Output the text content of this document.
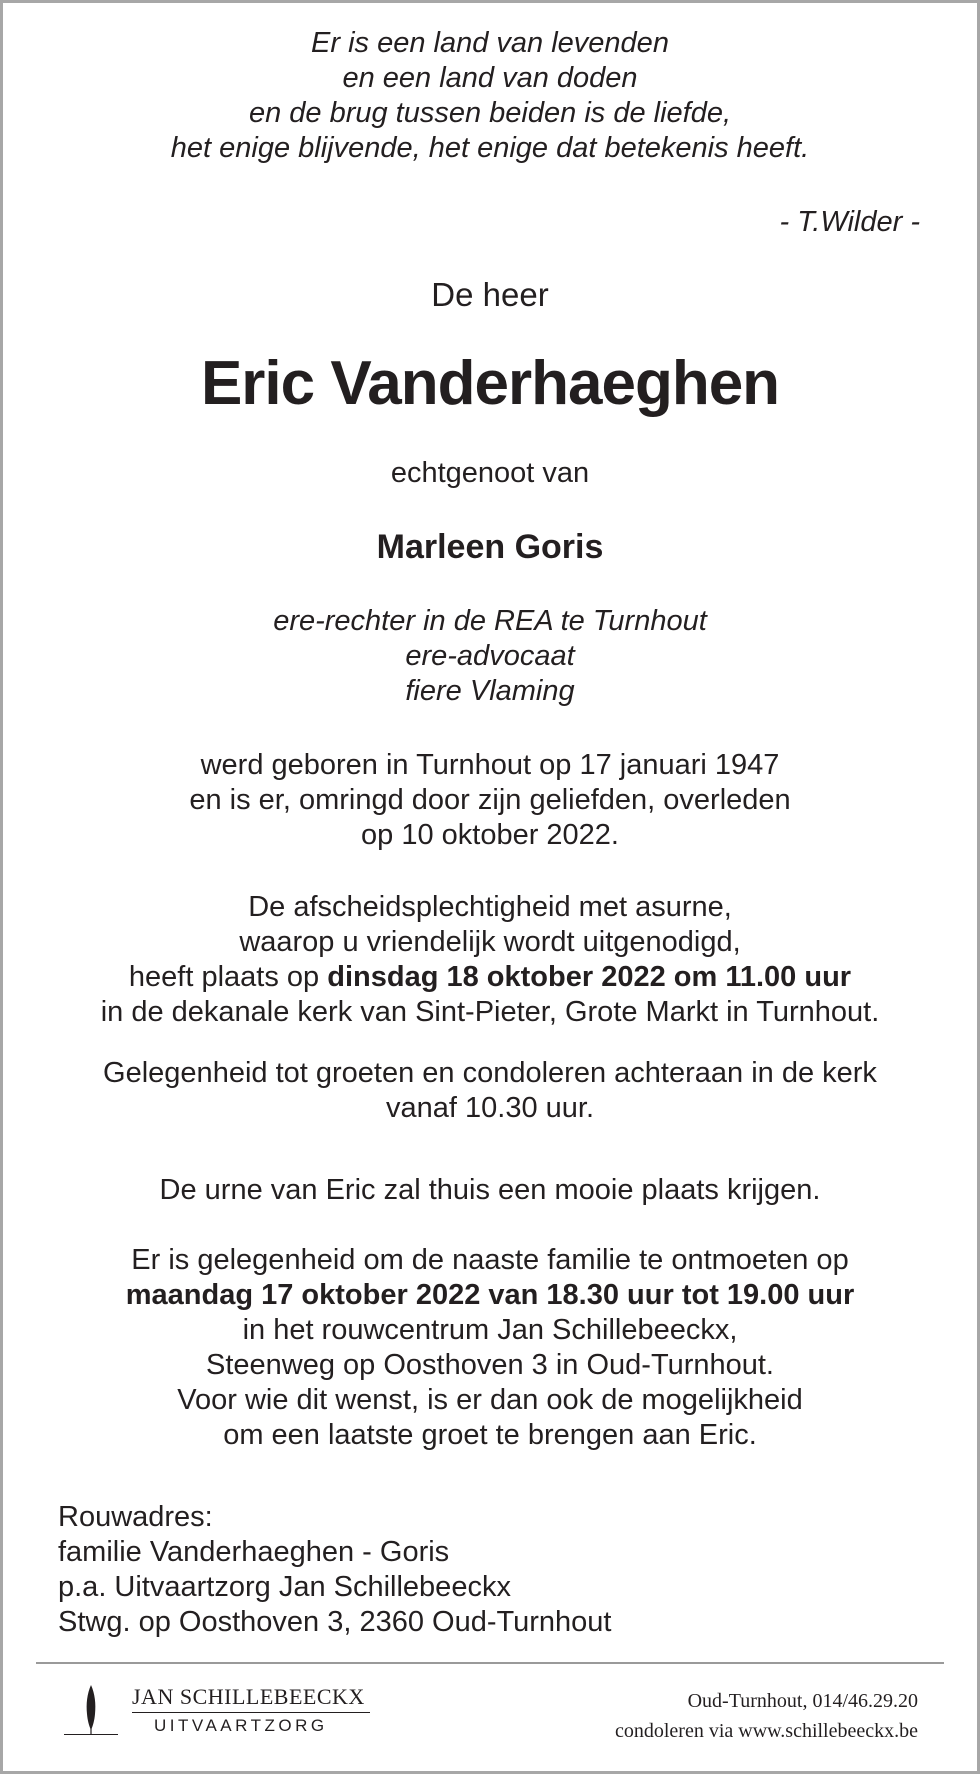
Er is een land van levenden
en een land van doden
en de brug tussen beiden is de liefde,
het enige blijvende, het enige dat betekenis heeft.
- T.Wilder -
De heer
Eric Vanderhaeghen
echtgenoot van
Marleen Goris
ere-rechter in de REA te Turnhout
ere-advocaat
fiere Vlaming
werd geboren in Turnhout op 17 januari 1947
en is er, omringd door zijn geliefden, overleden
op 10 oktober 2022.
De afscheidsplechtigheid met asurne,
waarop u vriendelijk wordt uitgenodigd,
heeft plaats op dinsdag 18 oktober 2022 om 11.00 uur
in de dekanale kerk van Sint-Pieter, Grote Markt in Turnhout.
Gelegenheid tot groeten en condoleren achteraan in de kerk
vanaf 10.30 uur.
De urne van Eric zal thuis een mooie plaats krijgen.
Er is gelegenheid om de naaste familie te ontmoeten op
maandag 17 oktober 2022 van 18.30 uur tot 19.00 uur
in het rouwcentrum Jan Schillebeeckx,
Steenweg op Oosthoven 3 in Oud-Turnhout.
Voor wie dit wenst, is er dan ook de mogelijkheid
om een laatste groet te brengen aan Eric.
Rouwadres:
familie Vanderhaeghen - Goris
p.a. Uitvaartzorg Jan Schillebeeckx
Stwg. op Oosthoven 3, 2360 Oud-Turnhout
JAN SCHILLEBEECKX
UITVAARTZORG
Oud-Turnhout, 014/46.29.20
condoleren via www.schillebeeckx.be
